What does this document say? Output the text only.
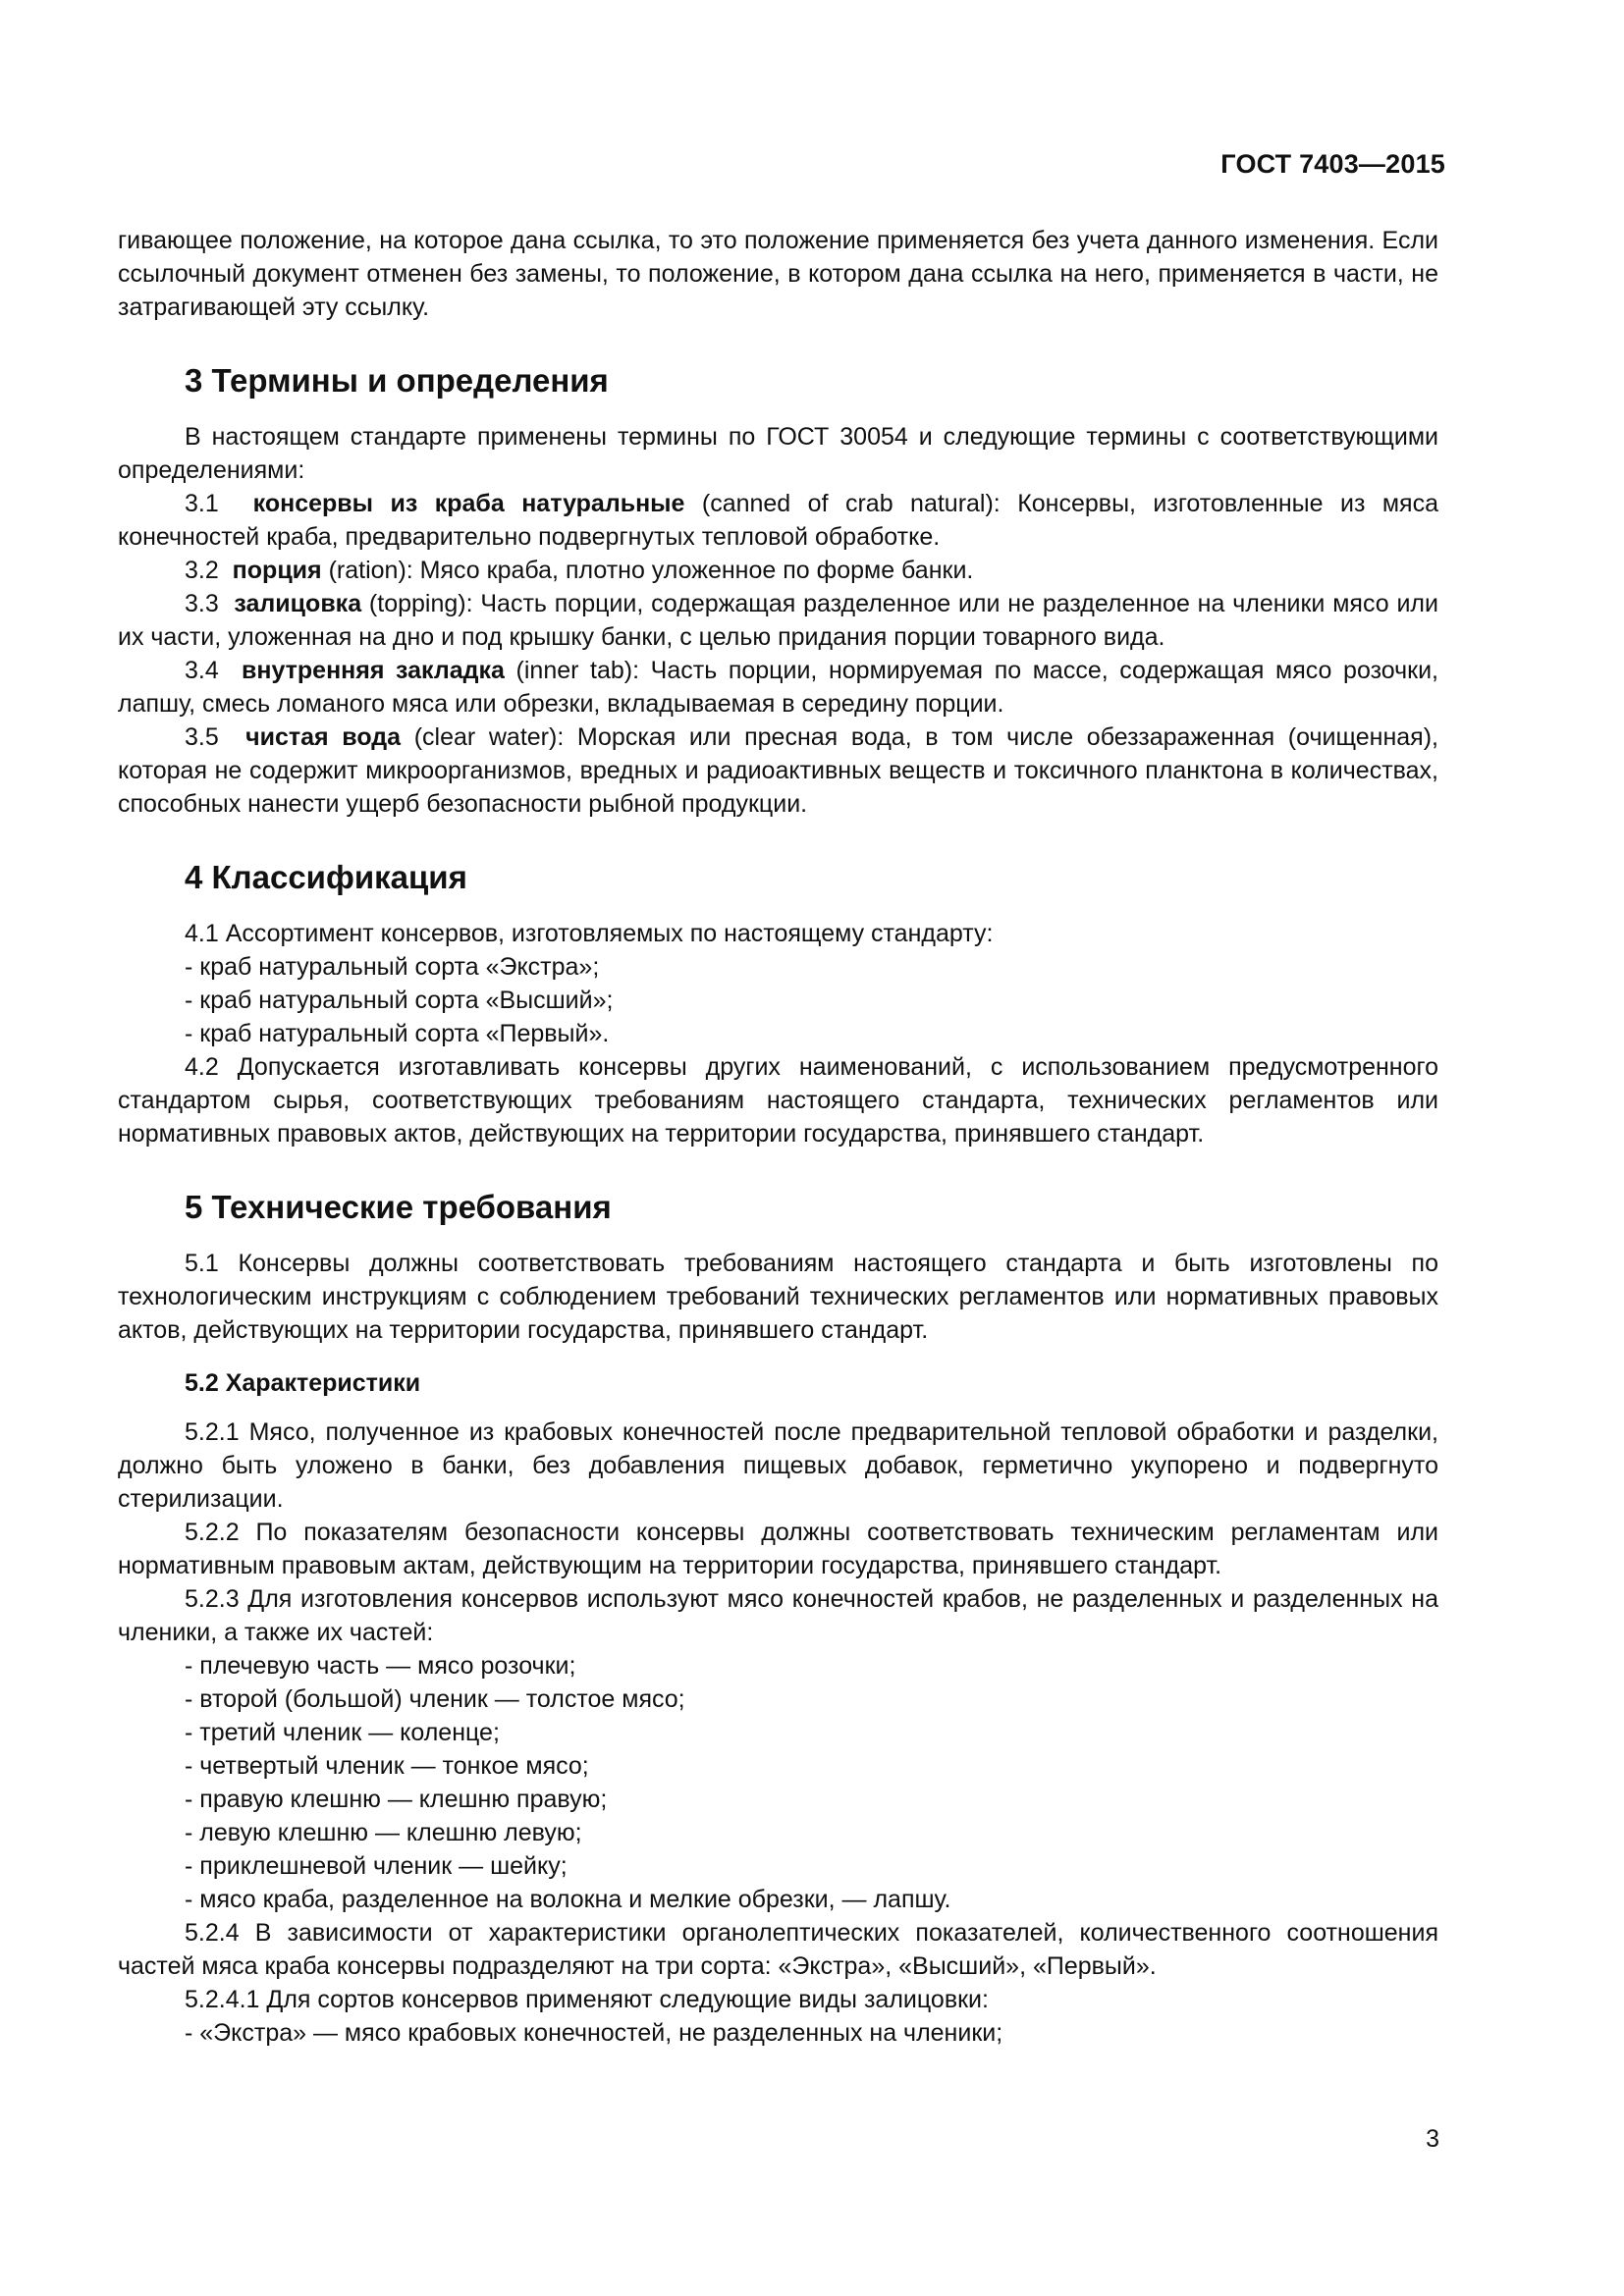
ГОСТ 7403—2015

гивающее положение, на которое дана ссылка, то это положение применяется без учета данного изменения. Если ссылочный документ отменен без замены, то положение, в котором дана ссылка на него, применяется в части, не затрагивающей эту ссылку.

3 Термины и определения

В настоящем стандарте применены термины по ГОСТ 30054 и следующие термины с соответствующими определениями:

3.1 консервы из краба натуральные (canned of crab natural): Консервы, изготовленные из мяса конечностей краба, предварительно подвергнутых тепловой обработке.

3.2 порция (ration): Мясо краба, плотно уложенное по форме банки.

3.3 залицовка (topping): Часть порции, содержащая разделенное или не разделенное на членики мясо или их части, уложенная на дно и под крышку банки, с целью придания порции товарного вида.

3.4 внутренняя закладка (inner tab): Часть порции, нормируемая по массе, содержащая мясо розочки, лапшу, смесь ломаного мяса или обрезки, вкладываемая в середину порции.

3.5 чистая вода (clear water): Морская или пресная вода, в том числе обеззараженная (очищенная), которая не содержит микроорганизмов, вредных и радиоактивных веществ и токсичного планктона в количествах, способных нанести ущерб безопасности рыбной продукции.

4 Классификация

4.1 Ассортимент консервов, изготовляемых по настоящему стандарту:

- краб натуральный сорта «Экстра»;
- краб натуральный сорта «Высший»;
- краб натуральный сорта «Первый».

4.2 Допускается изготавливать консервы других наименований, с использованием предусмотренного стандартом сырья, соответствующих требованиям настоящего стандарта, технических регламентов или нормативных правовых актов, действующих на территории государства, принявшего стандарт.

5 Технические требования

5.1 Консервы должны соответствовать требованиям настоящего стандарта и быть изготовлены по технологическим инструкциям с соблюдением требований технических регламентов или нормативных правовых актов, действующих на территории государства, принявшего стандарт.

5.2 Характеристики

5.2.1 Мясо, полученное из крабовых конечностей после предварительной тепловой обработки и разделки, должно быть уложено в банки, без добавления пищевых добавок, герметично укупорено и подвергнуто стерилизации.

5.2.2 По показателям безопасности консервы должны соответствовать техническим регламентам или нормативным правовым актам, действующим на территории государства, принявшего стандарт.

5.2.3 Для изготовления консервов используют мясо конечностей крабов, не разделенных и разделенных на членики, а также их частей:

- плечевую часть — мясо розочки;
- второй (большой) членик — толстое мясо;
- третий членик — коленце;
- четвертый членик — тонкое мясо;
- правую клешню — клешню правую;
- левую клешню — клешню левую;
- приклешневой членик — шейку;
- мясо краба, разделенное на волокна и мелкие обрезки, — лапшу.

5.2.4 В зависимости от характеристики органолептических показателей, количественного соотношения частей мяса краба консервы подразделяют на три сорта: «Экстра», «Высший», «Первый».

5.2.4.1 Для сортов консервов применяют следующие виды залицовки:

- «Экстра» — мясо крабовых конечностей, не разделенных на членики;
3
